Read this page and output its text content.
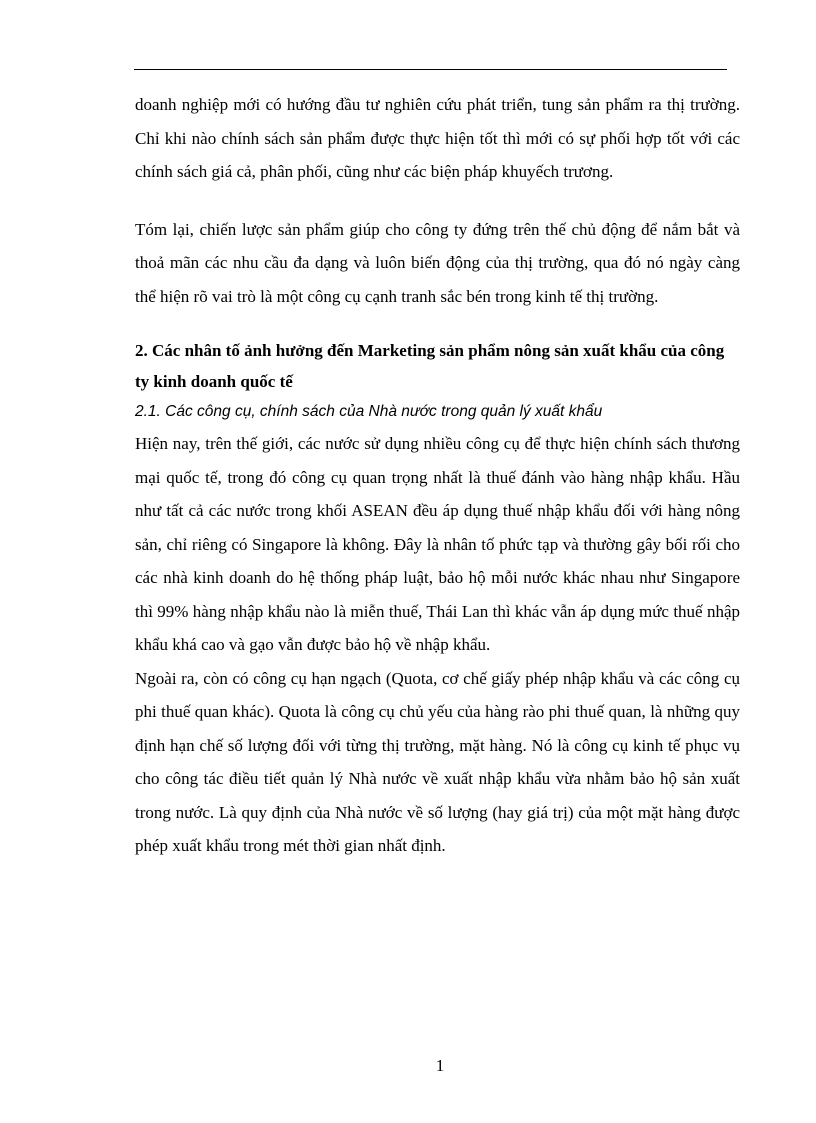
doanh nghiệp mới có hướng đầu tư nghiên cứu phát triển, tung sản phẩm ra thị trường. Chỉ khi nào chính sách sản phẩm được thực hiện tốt thì mới có sự phối hợp tốt với các chính sách giá cả, phân phối, cũng như các biện pháp khuyếch trương.

Tóm lại, chiến lược sản phẩm giúp cho công ty đứng trên thế chủ động để nắm bắt và thoả mãn các nhu cầu đa dạng và luôn biến động của thị trường, qua đó nó ngày càng thể hiện rõ vai trò là một công cụ cạnh tranh sắc bén trong kinh tế thị trường.

2. Các nhân tố ảnh hưởng đến Marketing sản phẩm nông sản xuất khẩu của công ty kinh doanh quốc tế

2.1. Các công cụ, chính sách của Nhà nước trong quản lý xuất khẩu

Hiện nay, trên thế giới, các nước sử dụng nhiều công cụ để thực hiện chính sách thương mại quốc tế, trong đó công cụ quan trọng nhất là thuế đánh vào hàng nhập khẩu. Hầu như tất cả các nước trong khối ASEAN đều áp dụng thuế nhập khẩu đối với hàng nông sản, chỉ riêng có Singapore là không. Đây là nhân tố phức tạp và thường gây bối rối cho các nhà kinh doanh do hệ thống pháp luật, bảo hộ mỗi nước khác nhau như Singapore thì 99% hàng nhập khẩu nào là miễn thuế, Thái Lan thì khác vẫn áp dụng mức thuế nhập khẩu khá cao và gạo vẫn được bảo hộ về nhập khẩu.

Ngoài ra, còn có công cụ hạn ngạch (Quota, cơ chế giấy phép nhập khẩu và các công cụ phi thuế quan khác). Quota là công cụ chủ yếu của hàng rào phi thuế quan, là những quy định hạn chế số lượng đối với từng thị trường, mặt hàng. Nó là công cụ kinh tế phục vụ cho công tác điều tiết quản lý Nhà nước về xuất nhập khẩu vừa nhằm bảo hộ sản xuất trong nước. Là quy định của Nhà nước về số lượng (hay giá trị) của một mặt hàng được phép xuất khẩu trong mét thời gian nhất định.

1
